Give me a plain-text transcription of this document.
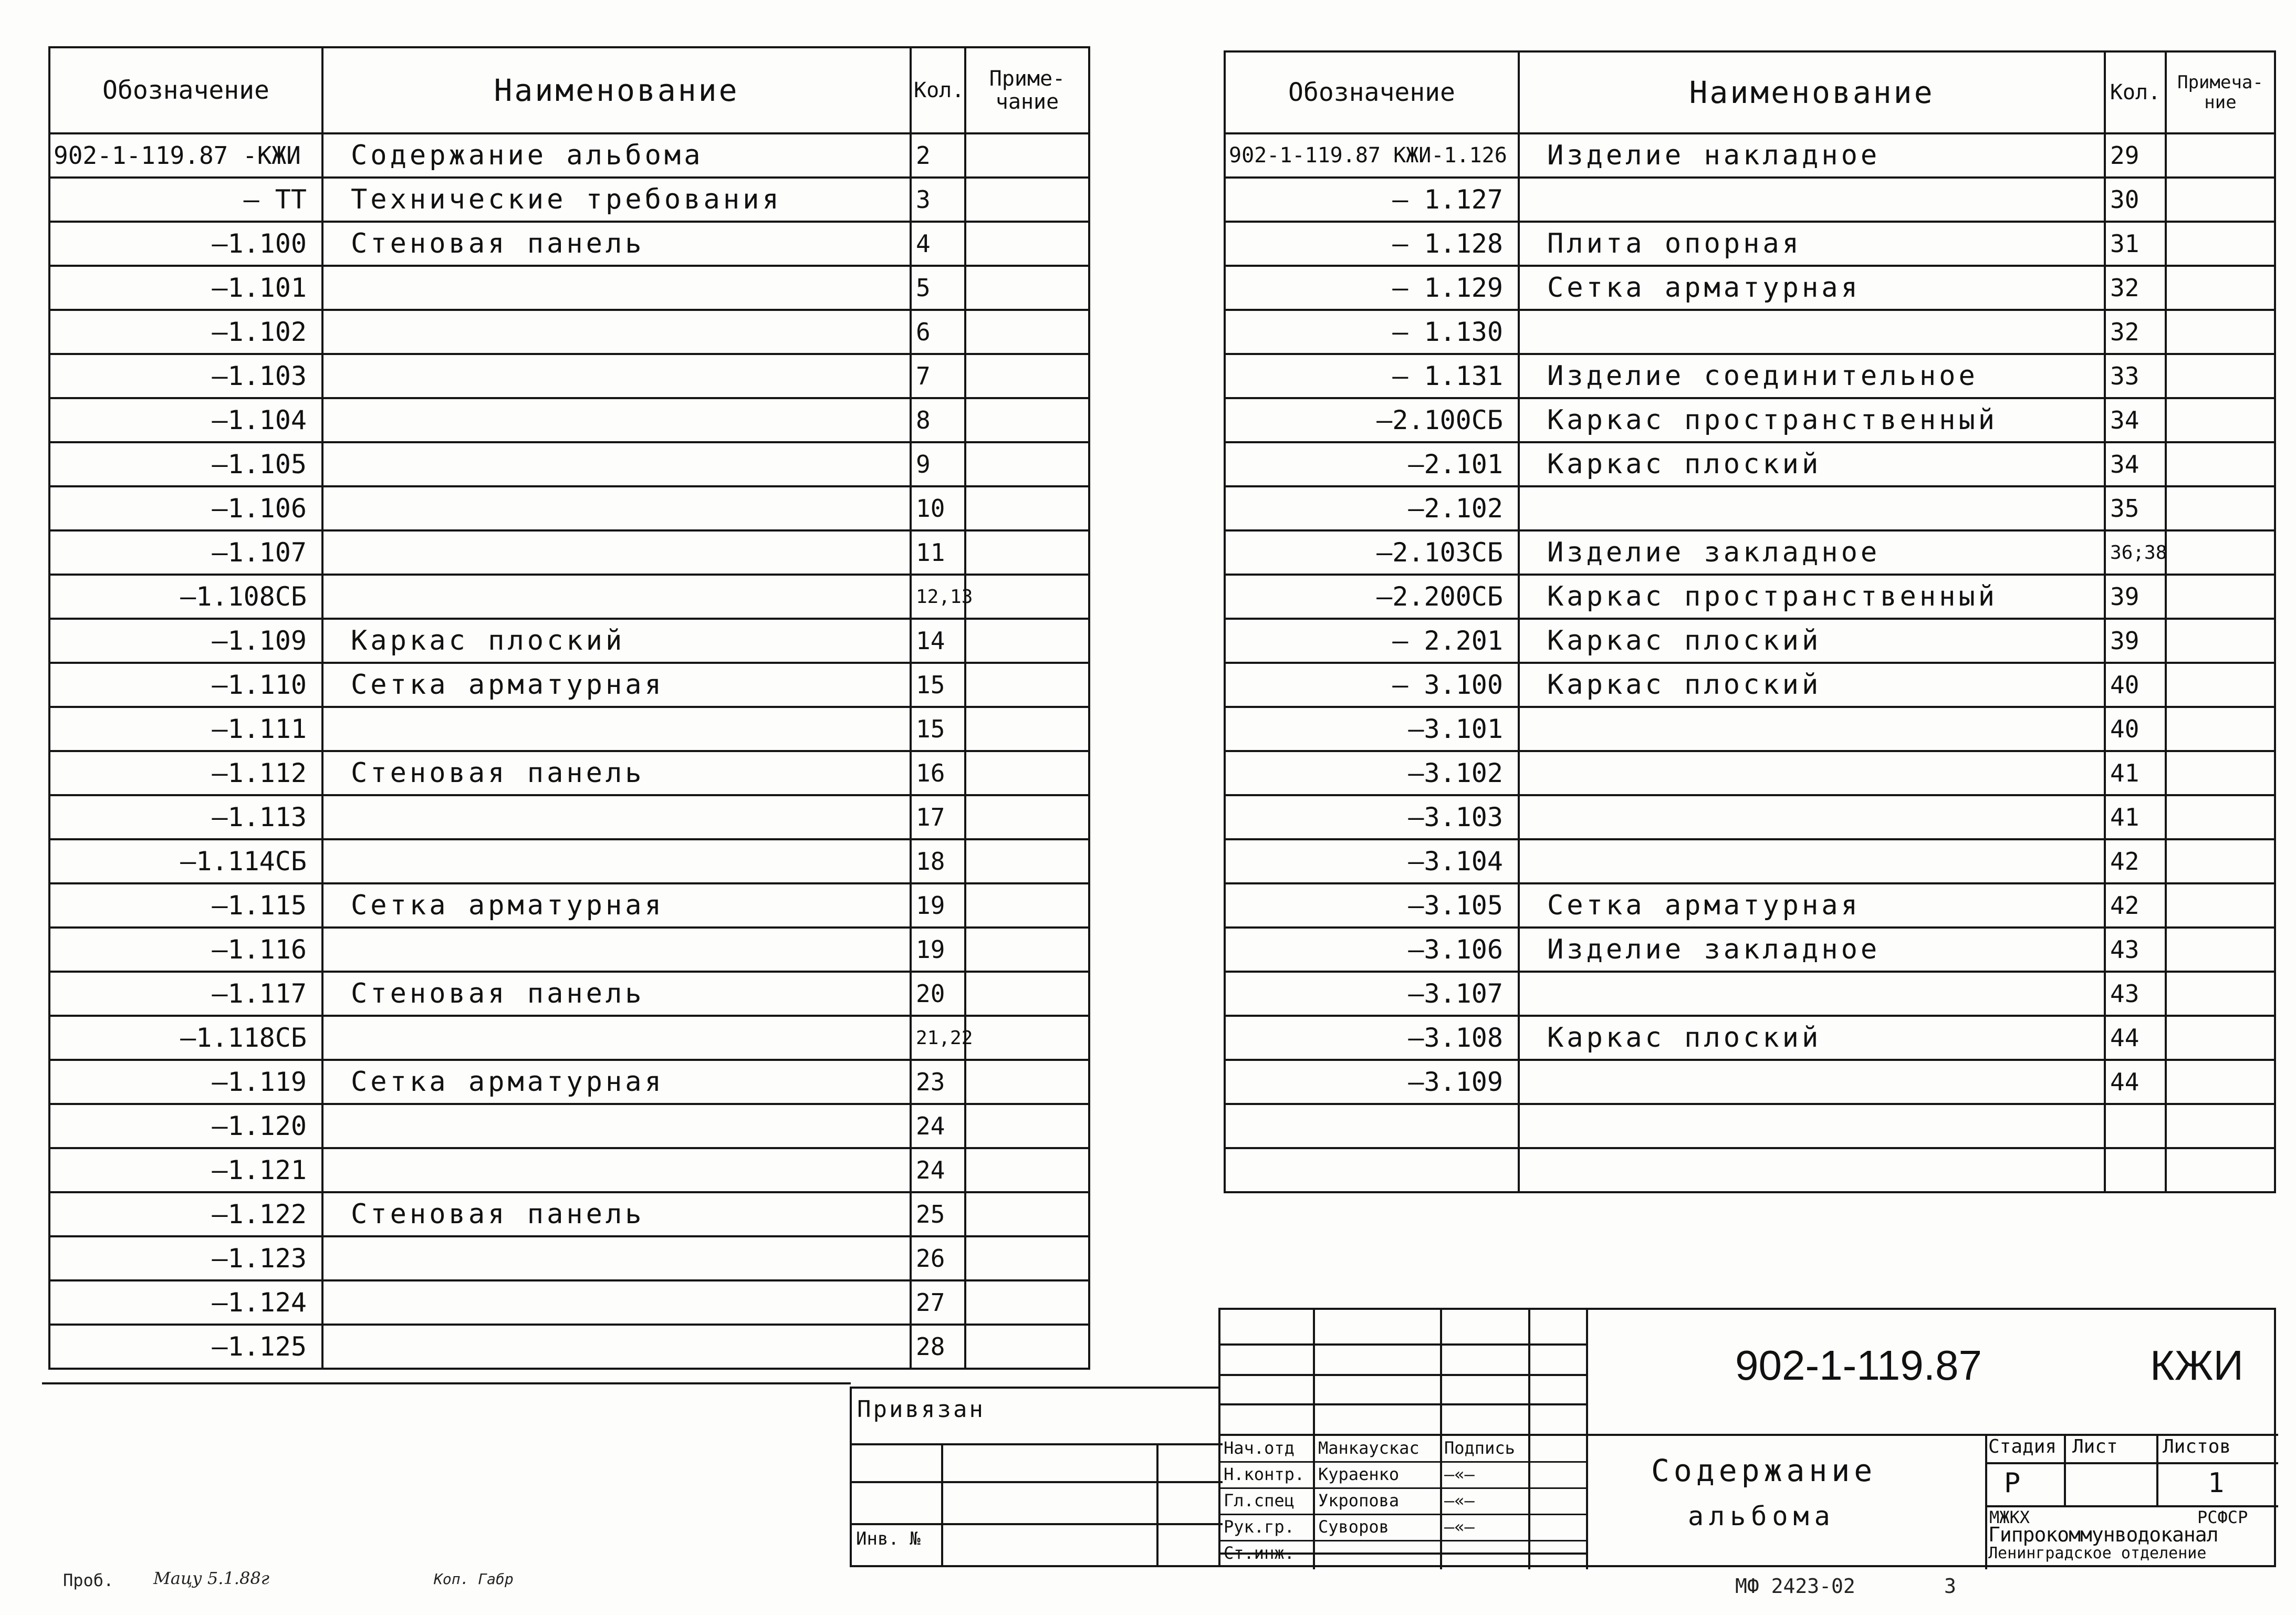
Обозначение	Наименование	Кол.	Приме-
чание
902-1-119.87 -КЖИ	Содержание альбома	2	
– ТТ	Технические требования	3	
–1.100	Стеновая панель	4	
–1.101		5	
–1.102		6	
–1.103		7	
–1.104		8	
–1.105		9	
–1.106		10	
–1.107		11	
–1.108СБ		12,13	
–1.109	Каркас плоский	14	
–1.110	Сетка арматурная	15	
–1.111		15	
–1.112	Стеновая панель	16	
–1.113		17	
–1.114СБ		18	
–1.115	Сетка арматурная	19	
–1.116		19	
–1.117	Стеновая панель	20	
–1.118СБ		21,22	
–1.119	Сетка арматурная	23	
–1.120		24	
–1.121		24	
–1.122	Стеновая панель	25	
–1.123		26	
–1.124		27	
–1.125		28	
Обозначение	Наименование	Кол.	Примеча-
ние
902-1-119.87 КЖИ-1.126	Изделие накладное	29	
– 1.127		30	
– 1.128	Плита опорная	31	
– 1.129	Сетка арматурная	32	
– 1.130		32	
– 1.131	Изделие соединительное	33	
–2.100СБ	Каркас пространственный	34	
–2.101	Каркас плоский	34	
–2.102		35	
–2.103СБ	Изделие закладное	36;38	
–2.200СБ	Каркас пространственный	39	
– 2.201	Каркас плоский	39	
– 3.100	Каркас плоский	40	
–3.101		40	
–3.102		41	
–3.103		41	
–3.104		42	
–3.105	Сетка арматурная	42	
–3.106	Изделие закладное	43	
–3.107		43	
–3.108	Каркас плоский	44	
–3.109		44	

Привязан
Инв. №
902-1-119.87	КЖИ
Нач.отд Манкаускас Подпись
Н.контр. Кураенко	–«–
Гл.спец Укропова	–«–
Рук.гр. Суворов	–«–
Ст.инж.
Содержание
альбома
Стадия Лист Листов
Р	1
МЖКХ	РСФСР
Гипрокоммунводоканал
Ленинградское отделение
Проб. Мацу 5.1.88г	Коп. Габр	МФ 2423-02	3
